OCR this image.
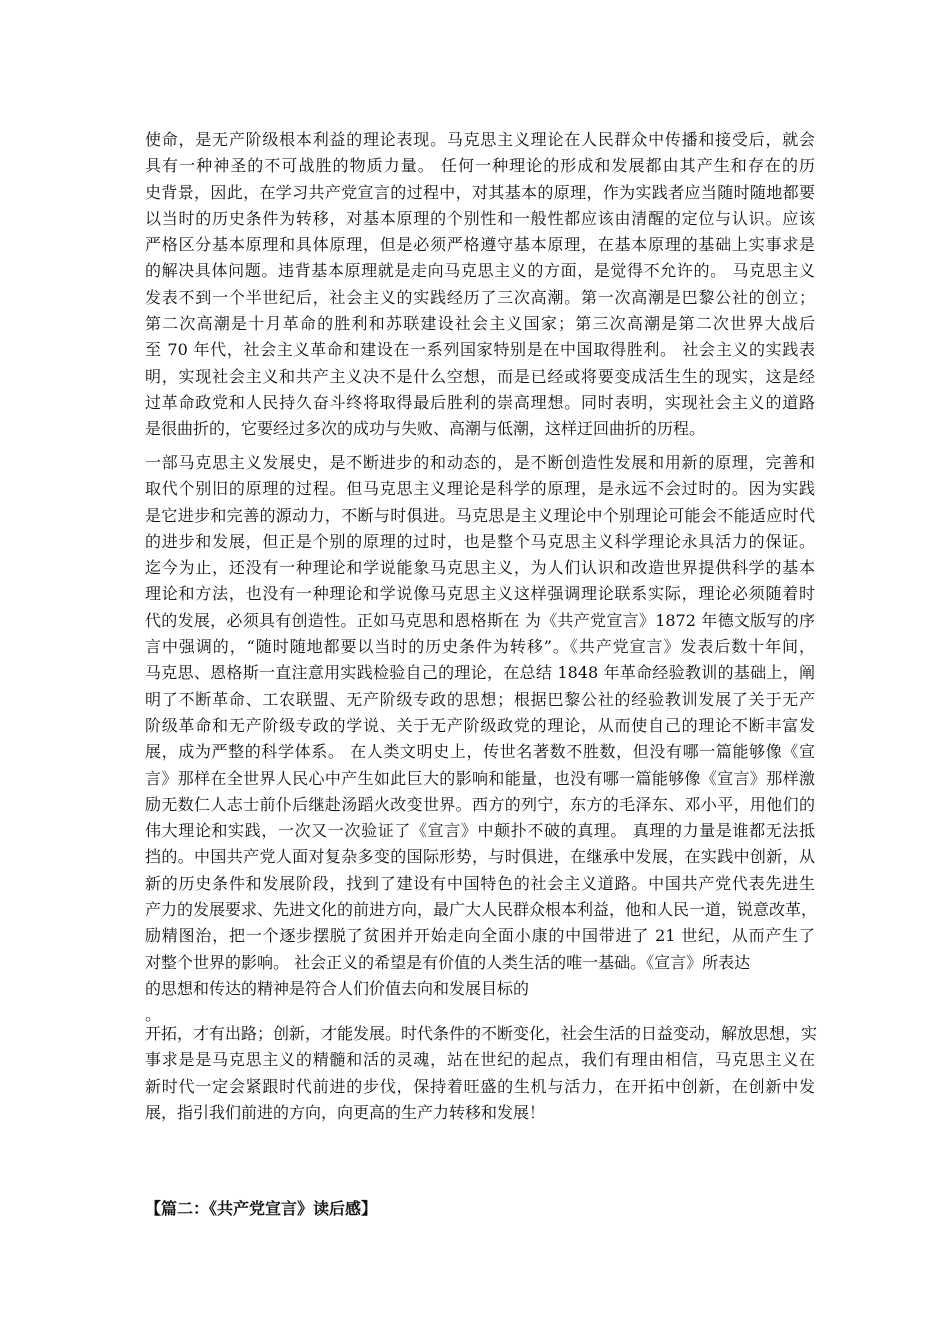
使命，是无产阶级根本利益的理论表现。马克思主义理论在人民群众中传播和接受后，就会
具有一种神圣的不可战胜的物质力量。 任何一种理论的形成和发展都由其产生和存在的历
史背景，因此，在学习共产党宣言的过程中，对其基本的原理，作为实践者应当随时随地都要
以当时的历史条件为转移，对基本原理的个别性和一般性都应该由清醒的定位与认识。应该
严格区分基本原理和具体原理，但是必须严格遵守基本原理，在基本原理的基础上实事求是
的解决具体问题。违背基本原理就是走向马克思主义的方面，是觉得不允许的。 马克思主义
发表不到一个半世纪后，社会主义的实践经历了三次高潮。第一次高潮是巴黎公社的创立；
第二次高潮是十月革命的胜利和苏联建设社会主义国家；第三次高潮是第二次世界大战后
至 70 年代，社会主义革命和建设在一系列国家特别是在中国取得胜利。 社会主义的实践表
明，实现社会主义和共产主义决不是什么空想，而是已经或将要变成活生生的现实，这是经
过革命政党和人民持久奋斗终将取得最后胜利的崇高理想。同时表明，实现社会主义的道路
是很曲折的，它要经过多次的成功与失败、高潮与低潮，这样迂回曲折的历程。
一部马克思主义发展史，是不断进步的和动态的，是不断创造性发展和用新的原理，完善和
取代个别旧的原理的过程。但马克思主义理论是科学的原理，是永远不会过时的。因为实践
是它进步和完善的源动力，不断与时俱进。马克思是主义理论中个别理论可能会不能适应时代
的进步和发展，但正是个别的原理的过时，也是整个马克思主义科学理论永具活力的保证。
迄今为止，还没有一种理论和学说能象马克思主义，为人们认识和改造世界提供科学的基本
理论和方法，也没有一种理论和学说像马克思主义这样强调理论联系实际，理论必须随着时
代的发展，必须具有创造性。正如马克思和恩格斯在 为《共产党宣言》1872 年德文版写的序
言中强调的，“随时随地都要以当时的历史条件为转移”。《共产党宣言》发表后数十年间，
马克思、恩格斯一直注意用实践检验自己的理论，在总结 1848 年革命经验教训的基础上，阐
明了不断革命、工农联盟、无产阶级专政的思想；根据巴黎公社的经验教训发展了关于无产
阶级革命和无产阶级专政的学说、关于无产阶级政党的理论，从而使自己的理论不断丰富发
展，成为严整的科学体系。 在人类文明史上，传世名著数不胜数，但没有哪一篇能够像《宣
言》那样在全世界人民心中产生如此巨大的影响和能量，也没有哪一篇能够像《宣言》那样激
励无数仁人志士前仆后继赴汤蹈火改变世界。西方的列宁，东方的毛泽东、邓小平，用他们的
伟大理论和实践，一次又一次验证了《宣言》中颠扑不破的真理。 真理的力量是谁都无法抵
挡的。中国共产党人面对复杂多变的国际形势，与时俱进，在继承中发展，在实践中创新，从
新的历史条件和发展阶段，找到了建设有中国特色的社会主义道路。中国共产党代表先进生
产力的发展要求、先进文化的前进方向，最广大人民群众根本利益，他和人民一道，锐意改革，
励精图治，把一个逐步摆脱了贫困并开始走向全面小康的中国带进了 21 世纪，从而产生了
对整个世界的影响。 社会正义的希望是有价值的人类生活的唯一基础。《宣言》所表达
的思想和传达的精神是符合人们价值去向和发展目标的
。
开拓，才有出路；创新，才能发展。时代条件的不断变化，社会生活的日益变动，解放思想，实
事求是是马克思主义的精髓和活的灵魂，站在世纪的起点，我们有理由相信，马克思主义在
新时代一定会紧跟时代前进的步伐，保持着旺盛的生机与活力，在开拓中创新，在创新中发
展，指引我们前进的方向，向更高的生产力转移和发展！

【篇二：《共产党宣言》读后感】
